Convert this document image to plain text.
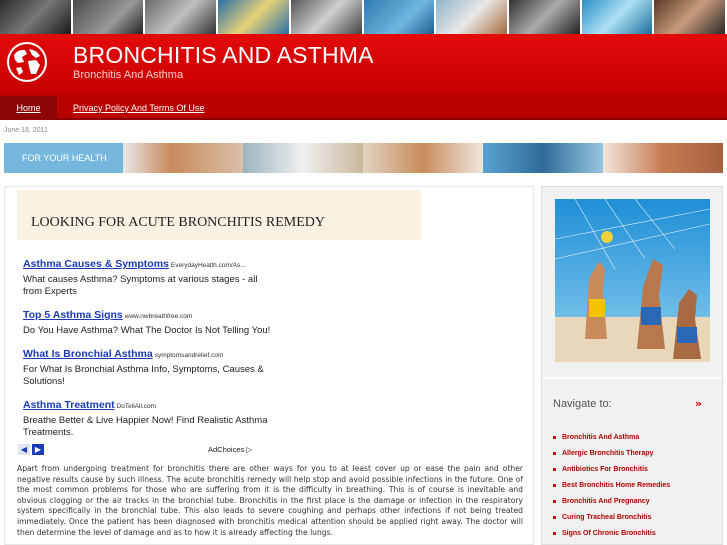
BRONCHITIS AND ASTHMA
Bronchitis And Asthma
Home	Privacy Policy And Terms Of Use
June 18, 2011
FOR YOUR HEALTH
LOOKING FOR ACUTE BRONCHITIS REMEDY
Asthma Causes & Symptoms EverydayHealth.com/As...
What causes Asthma? Symptoms at various stages - all from Experts
Top 5 Asthma Signs www.nwbreathfree.com
Do You Have Asthma? What The Doctor Is Not Telling You!
What Is Bronchial Asthma symptomsandrelief.com
For What Is Bronchial Asthma Info, Symptoms, Causes & Solutions!
Asthma Treatment DoTellAll.com
Breathe Better & Live Happier Now! Find Realistic Asthma Treatments.
◀ ▶	AdChoices ▷
Apart from undergoing treatment for bronchitis there are other ways for you to at least cover up or ease the pain and other negative results cause by such illness. The acute bronchitis remedy will help stop and avoid possible infections in the future. One of the most common problems for those who are suffering from it is the difficulty in breathing. This is of course is inevitable and obvious clogging or the air tracks in the bronchial tube. Bronchitis in the first place is the damage or infection in the respiratory system specifically in the bronchial tube. This also leads to severe coughing and perhaps other infections if not being treated immediately. Once the patient has been diagnosed with bronchitis medical attention should be applied right away. The doctor will then determine the level of damage and as to how it is already affecting the lungs.
Navigate to:	»
Bronchitis And Asthma
Allergic Bronchitis Therapy
Antibiotics For Bronchitis
Best Bronchitis Home Remedies
Bronchitis And Pregnancy
Curing Tracheal Bronchitis
Signs Of Chronic Bronchitis
